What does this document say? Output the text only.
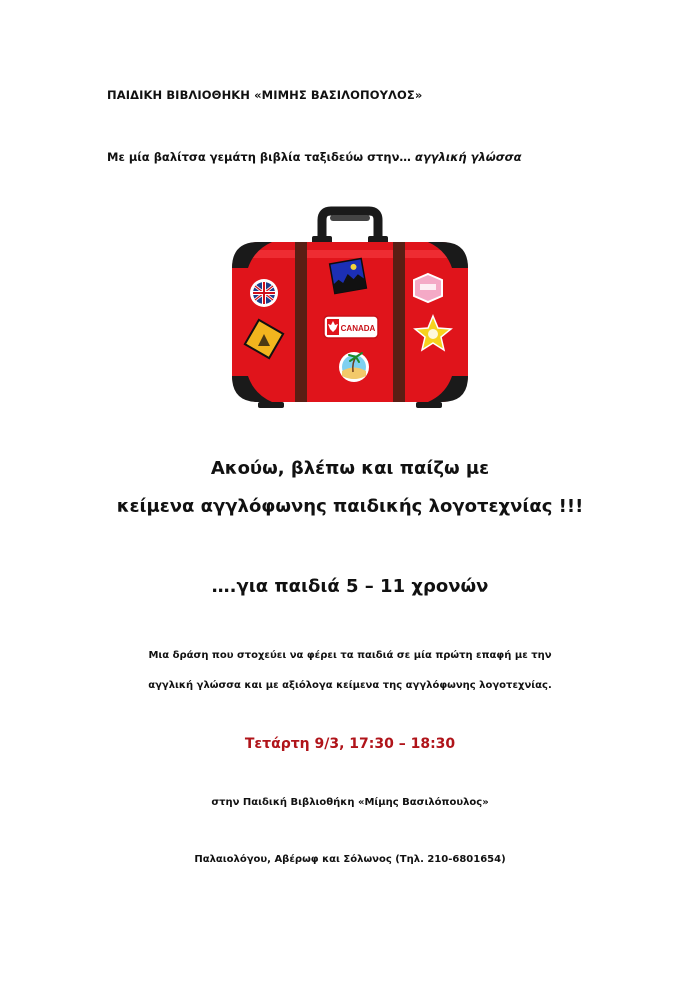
ΠΑΙΔΙΚΗ ΒΙΒΛΙΟΘΗΚΗ «ΜΙΜΗΣ ΒΑΣΙΛΟΠΟΥΛΟΣ»

Με μία βαλίτσα γεμάτη βιβλία ταξιδεύω στην… αγγλική γλώσσα

CANADA

Ακούω, βλέπω και παίζω με

κείμενα αγγλόφωνης παιδικής λογοτεχνίας !!!

….για παιδιά 5 – 11 χρονών

Μια δράση που στοχεύει να φέρει τα παιδιά σε μία πρώτη επαφή με την

αγγλική γλώσσα και με αξιόλογα κείμενα της αγγλόφωνης λογοτεχνίας.

Τετάρτη 9/3, 17:30 – 18:30

στην Παιδική Βιβλιοθήκη «Μίμης Βασιλόπουλος»

Παλαιολόγου, Αβέρωφ και Σόλωνος (Τηλ. 210-6801654)
